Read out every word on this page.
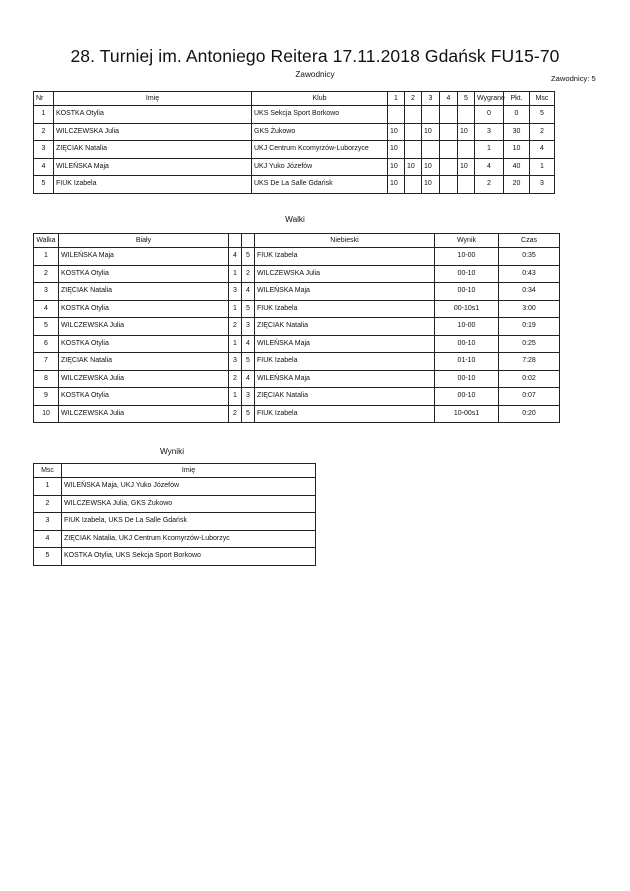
28. Turniej im. Antoniego Reitera 17.11.2018 Gdańsk FU15-70
Zawodnicy	Zawodnicy: 5
Nr	Imię	Klub	1	2	3	4	5	Wygrane	Pkt.	Msc
1	KOSTKA Otylia	UKS Sekcja Sport Borkowo						0	0	5
2	WILCZEWSKA Julia	GKS Żukowo	10		10		10	3	30	2
3	ZIĘCIAK Natalia	UKJ Centrum Kcomyrzów-Luborzyce	10					1	10	4
4	WILEŃSKA Maja	UKJ Yuko Józefów	10	10	10		10	4	40	1
5	FIUK Izabela	UKS De La Salle Gdańsk	10		10			2	20	3
Walki
Walka	Biały			Niebieski	Wynik	Czas
1	WILEŃSKA Maja	4	5	FIUK Izabela	10-00	0:35
2	KOSTKA Otylia	1	2	WILCZEWSKA Julia	00-10	0:43
3	ZIĘCIAK Natalia	3	4	WILEŃSKA Maja	00-10	0:34
4	KOSTKA Otylia	1	5	FIUK Izabela	00-10s1	3:00
5	WILCZEWSKA Julia	2	3	ZIĘCIAK Natalia	10-00	0:19
6	KOSTKA Otylia	1	4	WILEŃSKA Maja	00-10	0:25
7	ZIĘCIAK Natalia	3	5	FIUK Izabela	01-10	7:28
8	WILCZEWSKA Julia	2	4	WILEŃSKA Maja	00-10	0:02
9	KOSTKA Otylia	1	3	ZIĘCIAK Natalia	00-10	0:07
10	WILCZEWSKA Julia	2	5	FIUK Izabela	10-00s1	0:20
Wyniki
Msc	Imię
1	WILEŃSKA Maja, UKJ Yuko Józefów
2	WILCZEWSKA Julia, GKS Żukowo
3	FIUK Izabela, UKS De La Salle Gdańsk
4	ZIĘCIAK Natalia, UKJ Centrum Kcomyrzów-Luborzyc
5	KOSTKA Otylia, UKS Sekcja Sport Borkowo
